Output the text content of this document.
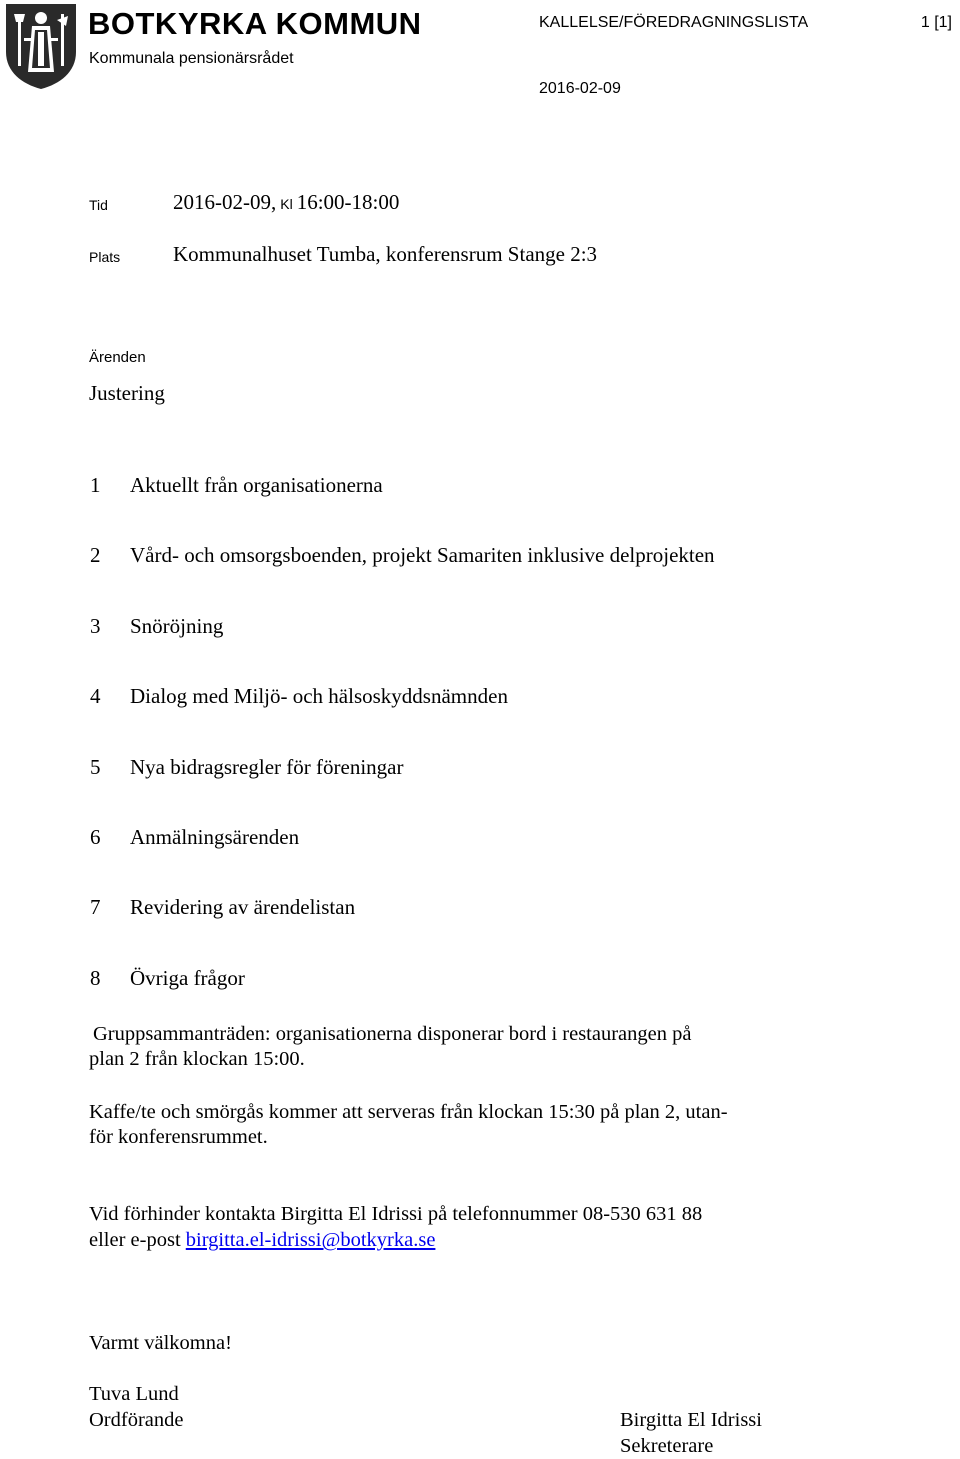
BOTKYRKA KOMMUN
Kommunala pensionärsrådet
KALLELSE/FÖREDRAGNINGSLISTA	1 [1]
2016-02-09
Tid	2016-02-09, Kl 16:00-18:00
Plats	Kommunalhuset Tumba, konferensrum Stange 2:3
Ärenden
Justering
1 Aktuellt från organisationerna
2 Vård- och omsorgsboenden, projekt Samariten inklusive delprojekten
3 Snöröjning
4 Dialog med Miljö- och hälsoskyddsnämnden
5 Nya bidragsregler för föreningar
6 Anmälningsärenden
7 Revidering av ärendelistan
8 Övriga frågor
Gruppsammanträden: organisationerna disponerar bord i restaurangen på
plan 2 från klockan 15:00.
Kaffe/te och smörgås kommer att serveras från klockan 15:30 på plan 2, utan-
för konferensrummet.
Vid förhinder kontakta Birgitta El Idrissi på telefonnummer 08-530 631 88
eller e-post birgitta.el-idrissi@botkyrka.se
Varmt välkomna!
Tuva Lund
Ordförande	Birgitta El Idrissi
Sekreterare
